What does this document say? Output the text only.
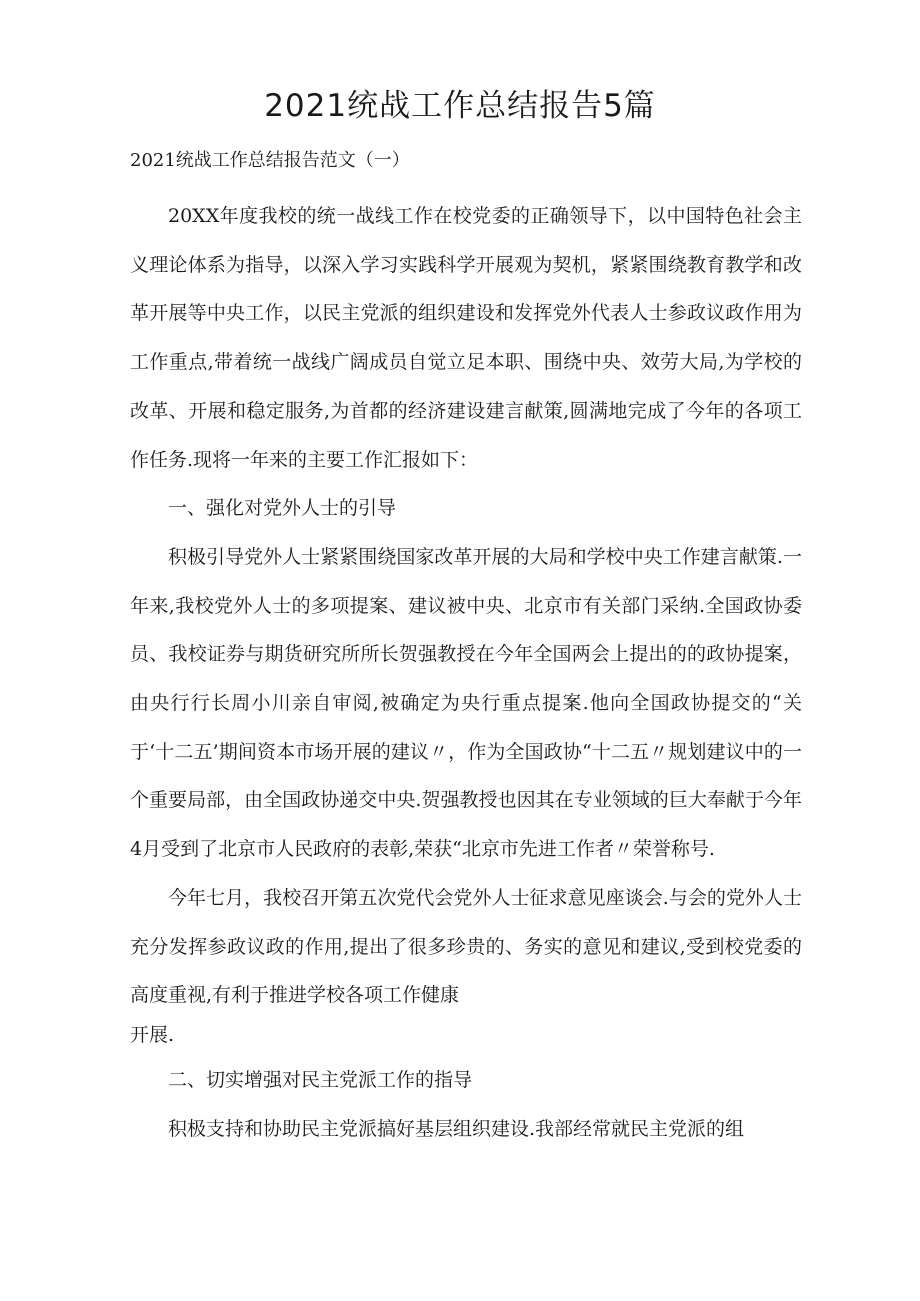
2021统战工作总结报告5篇

2021统战工作总结报告范文（一）

20XX年度我校的统一战线工作在校党委的正确领导下，以中国特色社会主义理论体系为指导，以深入学习实践科学开展观为契机，紧紧围绕教育教学和改革开展等中央工作，以民主党派的组织建设和发挥党外代表人士参政议政作用为工作重点,带着统一战线广阔成员自觉立足本职、围绕中央、效劳大局,为学校的改革、开展和稳定服务,为首都的经济建设建言献策,圆满地完成了今年的各项工作任务.现将一年来的主要工作汇报如下：

一、强化对党外人士的引导

积极引导党外人士紧紧围绕国家改革开展的大局和学校中央工作建言献策.一年来,我校党外人士的多项提案、建议被中央、北京市有关部门采纳.全国政协委员、我校证券与期货研究所所长贺强教授在今年全国两会上提出的的政协提案，由央行行长周小川亲自审阅,被确定为央行重点提案.他向全国政协提交的“关于‘十二五’期间资本市场开展的建议〃，作为全国政协“十二五〃规划建议中的一个重要局部，由全国政协递交中央.贺强教授也因其在专业领域的巨大奉献于今年4月受到了北京市人民政府的表彰,荣获“北京市先进工作者〃荣誉称号.

今年七月，我校召开第五次党代会党外人士征求意见座谈会.与会的党外人士充分发挥参政议政的作用,提出了很多珍贵的、务实的意见和建议,受到校党委的高度重视,有利于推进学校各项工作健康

开展.

二、切实增强对民主党派工作的指导

积极支持和协助民主党派搞好基层组织建设.我部经常就民主党派的组
